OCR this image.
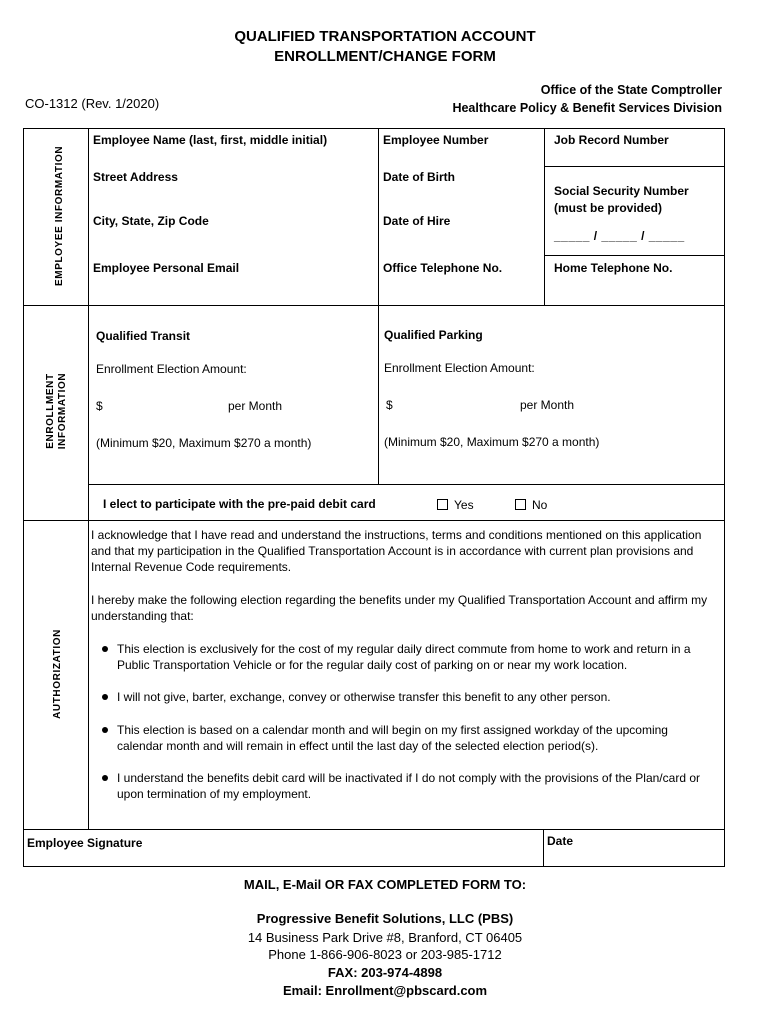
QUALIFIED TRANSPORTATION ACCOUNT
ENROLLMENT/CHANGE FORM
Office of the State Comptroller
Healthcare Policy & Benefit Services Division
CO-1312 (Rev. 1/2020)
EMPLOYEE INFORMATION
Employee Name (last, first, middle initial)	Employee Number	Job Record Number
Street Address	Date of Birth
Social Security Number
(must be provided)
_____ / _____ / _____
City, State, Zip Code	Date of Hire
Employee Personal Email	Office Telephone No.	Home Telephone No.
ENROLLMENT INFORMATION
Qualified Transit
Enrollment Election Amount:
$	per Month
(Minimum $20, Maximum $270 a month)
Qualified Parking
Enrollment Election Amount:
$	per Month
(Minimum $20, Maximum $270 a month)
I elect to participate with the pre-paid debit card	Yes	No
AUTHORIZATION
I acknowledge that I have read and understand the instructions, terms and conditions mentioned on this application and that my participation in the Qualified Transportation Account is in accordance with current plan provisions and Internal Revenue Code requirements.
I hereby make the following election regarding the benefits under my Qualified Transportation Account and affirm my understanding that:
This election is exclusively for the cost of my regular daily direct commute from home to work and return in a Public Transportation Vehicle or for the regular daily cost of parking on or near my work location.
I will not give, barter, exchange, convey or otherwise transfer this benefit to any other person.
This election is based on a calendar month and will begin on my first assigned workday of the upcoming calendar month and will remain in effect until the last day of the selected election period(s).
I understand the benefits debit card will be inactivated if I do not comply with the provisions of the Plan/card or upon termination of my employment.
Employee Signature	Date
MAIL, E-Mail OR FAX COMPLETED FORM TO:
Progressive Benefit Solutions, LLC (PBS)
14 Business Park Drive #8, Branford, CT 06405
Phone 1-866-906-8023 or 203-985-1712
FAX: 203-974-4898
Email: Enrollment@pbscard.com
